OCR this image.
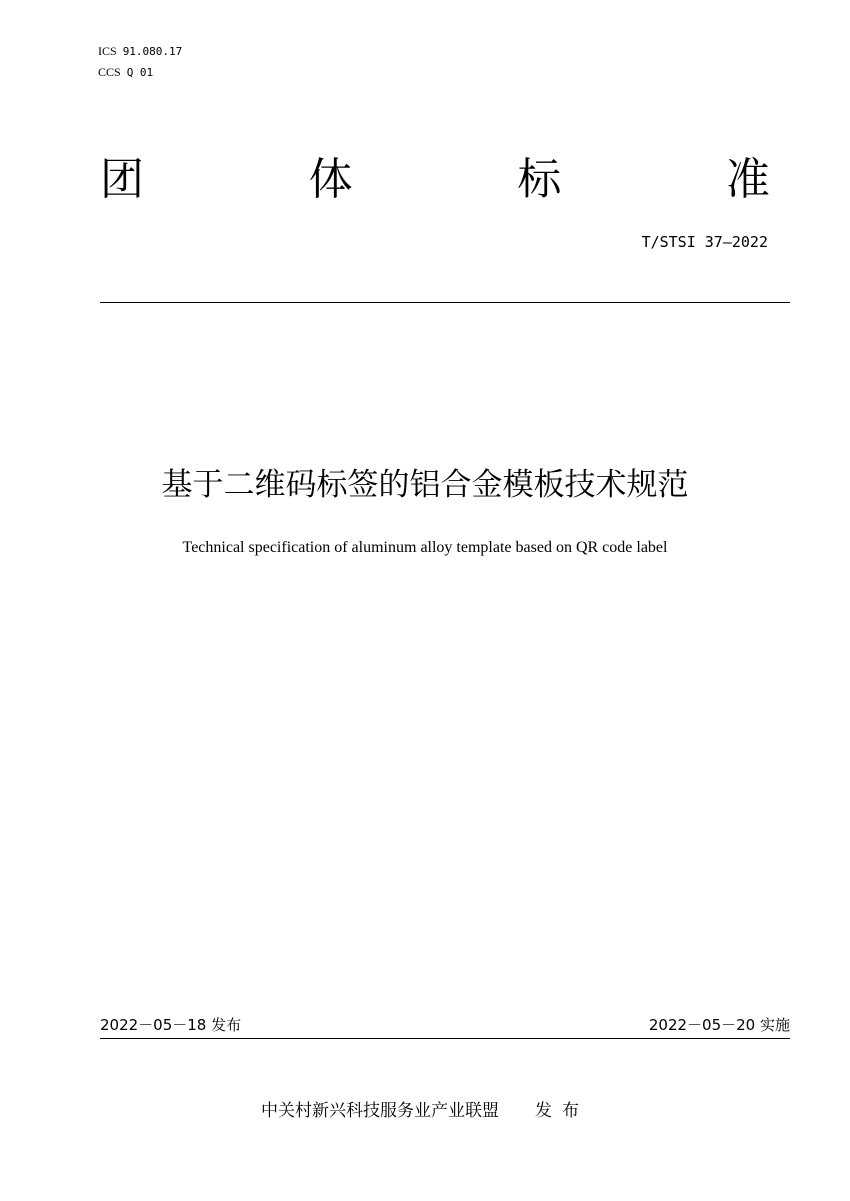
ICS 91.080.17
CCS Q 01
团	体	标	准
T/STSI 37—2022
基于二维码标签的铝合金模板技术规范
Technical specification of aluminum alloy template based on QR code label
2022－05－18 发布	2022－05－20 实施
中关村新兴科技服务业产业联盟 发布
